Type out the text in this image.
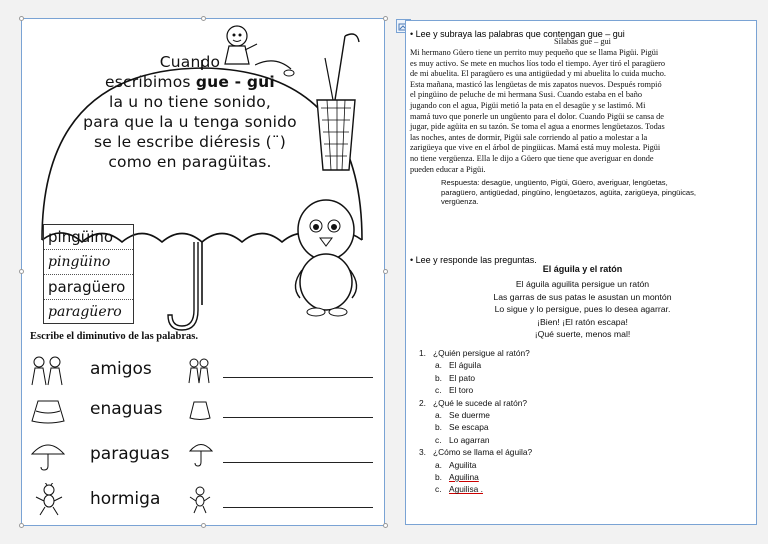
Cuando
escribimos gue - gui
la u no tiene sonido,
para que la u tenga sonido
se le escribe diéresis (¨)
como en paragüitas.
pingüino
pingüino
paragüero
paragüero
Escribe el diminutivo de las palabras.
amigos
enaguas
paraguas
hormiga
• Lee y subraya las palabras que contengan gue – gui
Sílabas gue – gui
Mi hermano Güero tiene un perrito muy pequeño que se llama Pigüi. Pigüi
es muy activo. Se mete en muchos líos todo el tiempo. Ayer tiró el paragüero
de mi abuelita. El paragüero es una antigüedad y mi abuelita lo cuida mucho.
Esta mañana, masticó las lengüetas de mis zapatos nuevos. Después rompió
el pingüino de peluche de mi hermana Susi. Cuando estaba en el baño
jugando con el agua, Pigüi metió la pata en el desagüe y se lastimó. Mi
mamá tuvo que ponerle un ungüento para el dolor. Cuando Pigüi se cansa de
jugar, pide agüita en su tazón. Se toma el agua a enormes lengüetazos. Todas
las noches, antes de dormir, Pigüi sale corriendo al patio a molestar a la
zarigüeya que vive en el árbol de pingüicas. Mamá está muy molesta. Pigüi
no tiene vergüenza. Ella le dijo a Güero que tiene que averiguar en donde
pueden educar a Pigüi.
Respuesta: desagüe, ungüento, Pigüi, Güero, averiguar, lengüetas,
paragüero, antigüedad, pingüino, lengüetazos, agüita, zarigüeya, pingüicas,
vergüenza.
• Lee y responde las preguntas.
El águila y el ratón
El águila aguilita persigue un ratón
Las garras de sus patas le asustan un montón
Lo sigue y lo persigue, pues lo desea agarrar.
¡Bien! ¡El ratón escapa!
¡Qué suerte, menos mal!
1. ¿Quién persigue al ratón?
a. El águila
b. El pato
c. El toro
2. ¿Qué le sucede al ratón?
a. Se duerme
b. Se escapa
c. Lo agarran
3. ¿Cómo se llama el águila?
a. Aguilita
b. Aguilina
c. Aguilisa .
